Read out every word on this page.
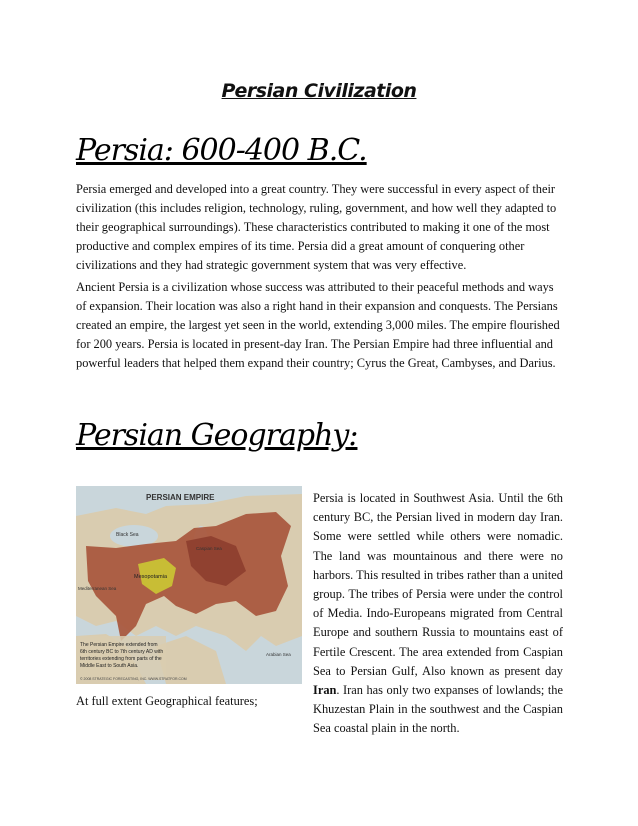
Persian Civilization
Persia: 600-400 B.C.

Persia emerged and developed into a great country. They were successful in every aspect of their civilization (this includes religion, technology, ruling, government, and how well they adapted to their geographical surroundings). These characteristics contributed to making it one of the most productive and complex empires of its time. Persia did a great amount of conquering other civilizations and they had strategic government system that was very effective.

Ancient Persia is a civilization whose success was attributed to their peaceful methods and ways of expansion. Their location was also a right hand in their expansion and conquests. The Persians created an empire, the largest yet seen in the world, extending 3,000 miles. The empire flourished for 200 years. Persia is located in present-day Iran. The Persian Empire had three influential and powerful leaders that helped them expand their country; Cyrus the Great, Cambyses, and Darius.

Persian Geography:
PERSIAN EMPIRE
Black Sea
Caspian Sea
Mesopotamia
Mediterranean Sea
Arabian Sea
The Persian Empire extended from
6th century BC to 7th century AD with
territories extending from parts of the
Middle East to South Asia.
© 2008 STRATEGIC FORECASTING, INC. WWW.STRATFOR.COM

Persia is located in Southwest Asia. Until the 6th century BC, the Persian lived in modern day Iran. Some were settled while others were nomadic. The land was mountainous and there were no harbors. This resulted in tribes rather than a united group. The tribes of Persia were under the control of Media. Indo-Europeans migrated from Central Europe and southern Russia to mountains east of Fertile Crescent. The area extended from Caspian Sea to Persian Gulf, Also known as present day Iran. Iran has only two expanses of lowlands; the Khuzestan Plain in the southwest and the Caspian Sea coastal plain in the north.

At full extent Geographical features;
